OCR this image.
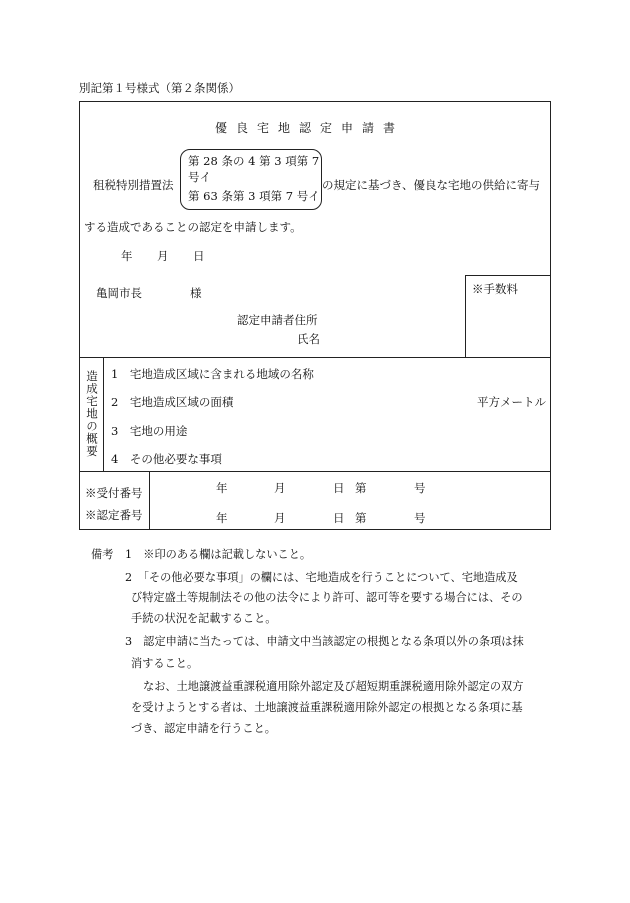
別記第１号様式（第２条関係）
優良宅地認定申請書
租税特別措置法
第 28 条の 4 第 3 項第 7
号イ
第 63 条第 3 項第 7 号イ
の規定に基づき、優良な宅地の供給に寄与
する造成であることの認定を申請します。
年 月 日
亀岡市長	様	※手数料
認定申請者住所
氏名
造成宅地の概要 1　宅地造成区域に含まれる地域の名称
2　宅地造成区域の面積	平方メートル
3　宅地の用途
4　その他必要な事項
※受付番号	年	月	日 第	号
※認定番号	年	月	日 第	号
備考 1　※印のある欄は記載しないこと。
2　「その他必要な事項」の欄には、宅地造成を行うことについて、宅地造成及
び特定盛土等規制法その他の法令により許可、認可等を要する場合には、その
手続の状況を記載すること。
3　認定申請に当たっては、申請文中当該認定の根拠となる条項以外の条項は抹
消すること。
なお、土地譲渡益重課税適用除外認定及び超短期重課税適用除外認定の双方
を受けようとする者は、土地譲渡益重課税適用除外認定の根拠となる条項に基
づき、認定申請を行うこと。
